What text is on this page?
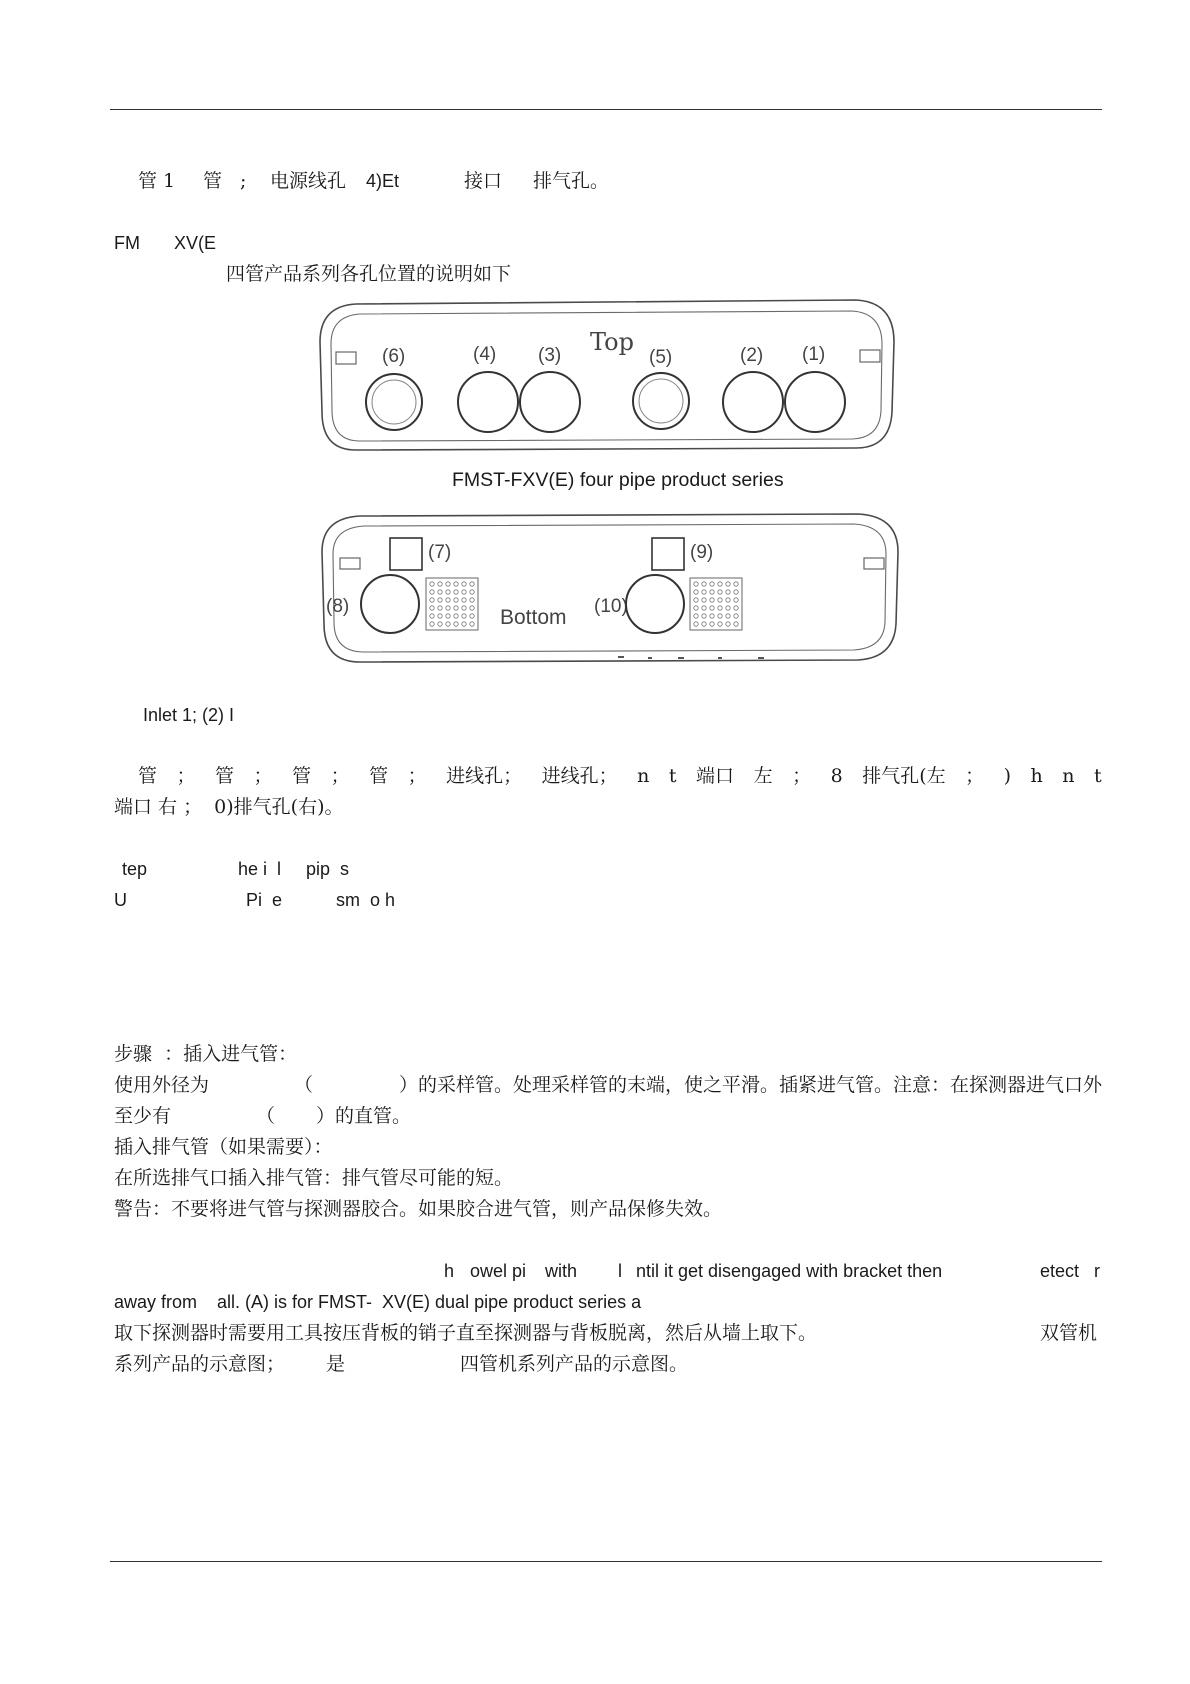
管 1 管 ; 电源线孔 4)Et	接口 排气孔。
FM XV(E
四管产品系列各孔位置的说明如下
Top
(6)	(4) (3)	(5)	(2) (1)
FMST-FXV(E) four pipe product series
(7)
(8)	Bottom
(9)
(10)
Inlet 1; (2) I
管 ； 管 ； 管 ； 管 ； 进线孔； 进线孔； n t 端口 左 ； 8 排气孔(左 ； ) h n t
端口 右 ；  0)排气孔(右)。
tep	he i  l pip  s
U	Pi  e	sm  o h
步骤  ：插入进气管：
使用外径为	（	）的采样管。处理采样管的末端，使之平滑。插紧进气管。注意：在探测器进气口外
至少有	（ ）的直管。
插入排气管（如果需要）：
在所选排气口插入排气管：排气管尽可能的短。
警告：不要将进气管与探测器胶合。如果胶合进气管，则产品保修失效。
h owel pi with l ntil it get disengaged with bracket then	etect r
away from    all. (A) is for FMST-  XV(E) dual pipe product series a
取下探测器时需要用工具按压背板的销子直至探测器与背板脱离，然后从墙上取下。	双管机
系列产品的示意图； 是	四管机系列产品的示意图。
